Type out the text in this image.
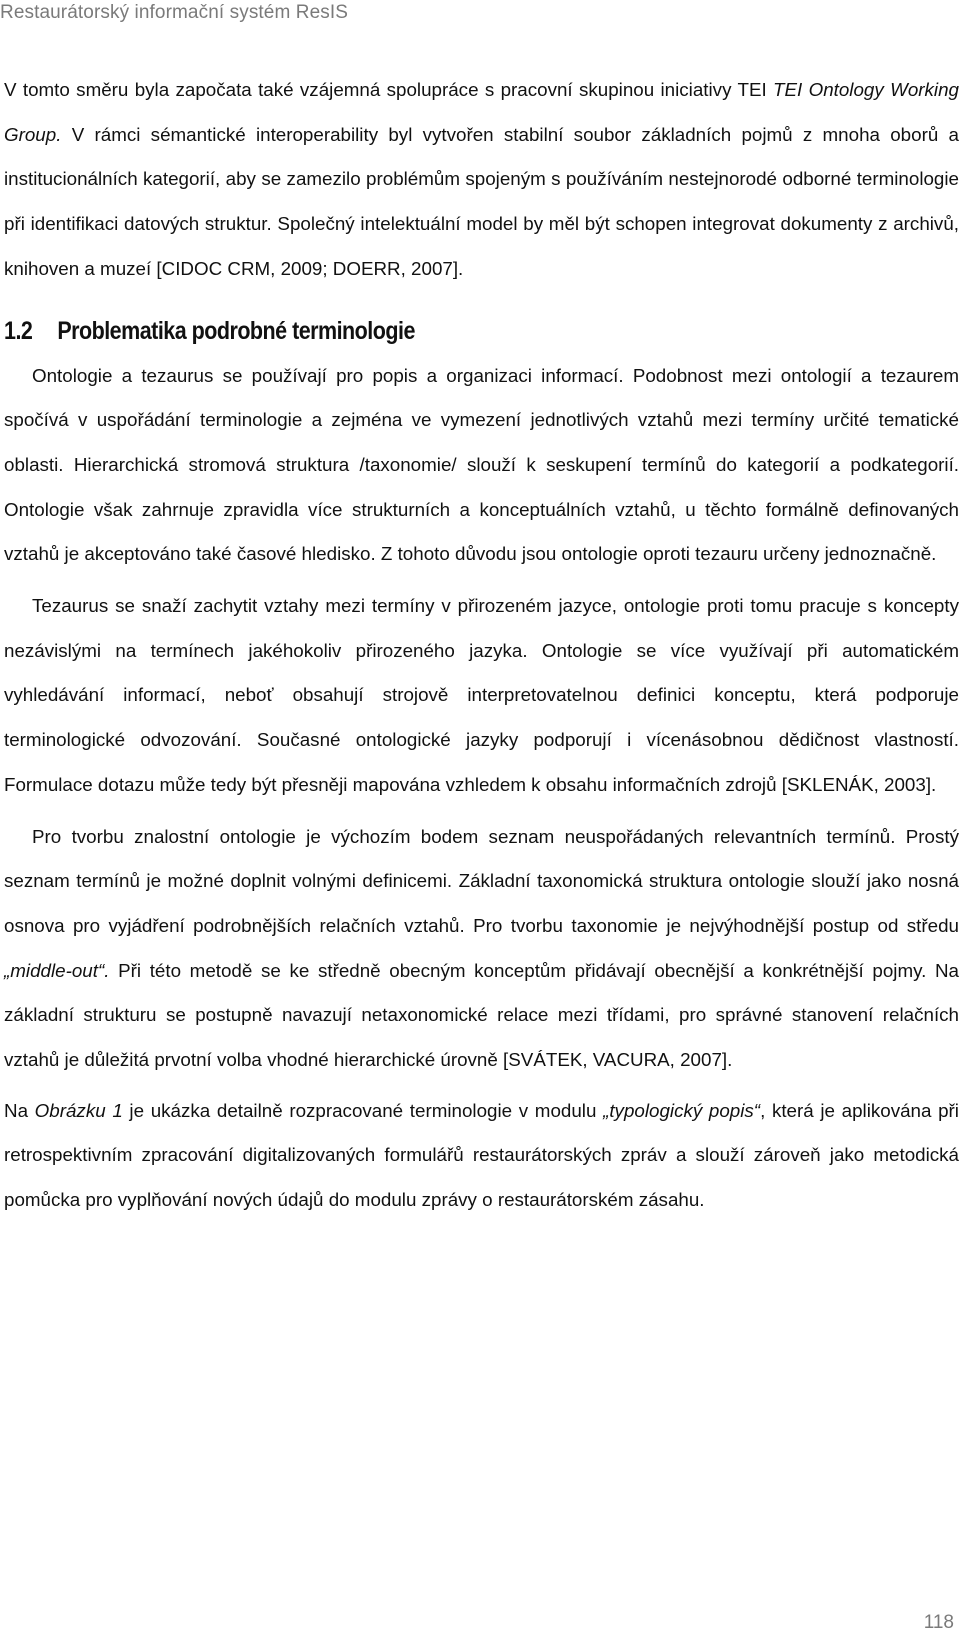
Restaurátorský informační systém ResIS

V tomto směru byla započata také vzájemná spolupráce s pracovní skupinou iniciativy TEI TEI Ontology Working Group. V rámci sémantické interoperability byl vytvořen stabilní soubor základních pojmů z mnoha oborů a institucionálních kategorií, aby se zamezilo problémům spojeným s používáním nestejnorodé odborné terminologie při identifikaci datových struktur. Společný intelektuální model by měl být schopen integrovat dokumenty z archivů, knihoven a muzeí [CIDOC CRM, 2009; DOERR, 2007].

1.2 Problematika podrobné terminologie

Ontologie a tezaurus se používají pro popis a organizaci informací. Podobnost mezi ontologií a tezaurem spočívá v uspořádání terminologie a zejména ve vymezení jednotlivých vztahů mezi termíny určité tematické oblasti. Hierarchická stromová struktura /taxonomie/ slouží k seskupení termínů do kategorií a podkategorií. Ontologie však zahrnuje zpravidla více strukturních a konceptuálních vztahů, u těchto formálně definovaných vztahů je akceptováno také časové hledisko. Z tohoto důvodu jsou ontologie oproti tezauru určeny jednoznačně.

Tezaurus se snaží zachytit vztahy mezi termíny v přirozeném jazyce, ontologie proti tomu pracuje s koncepty nezávislými na termínech jakéhokoliv přirozeného jazyka. Ontologie se více využívají při automatickém vyhledávání informací, neboť obsahují strojově interpretovatelnou definici konceptu, která podporuje terminologické odvozování. Současné ontologické jazyky podporují i vícenásobnou dědičnost vlastností. Formulace dotazu může tedy být přesněji mapována vzhledem k obsahu informačních zdrojů [SKLENÁK, 2003].

Pro tvorbu znalostní ontologie je výchozím bodem seznam neuspořádaných relevantních termínů. Prostý seznam termínů je možné doplnit volnými definicemi. Základní taxonomická struktura ontologie slouží jako nosná osnova pro vyjádření podrobnějších relačních vztahů. Pro tvorbu taxonomie je nejvýhodnější postup od středu „middle-out“. Při této metodě se ke středně obecným konceptům přidávají obecnější a konkrétnější pojmy. Na základní strukturu se postupně navazují netaxonomické relace mezi třídami, pro správné stanovení relačních vztahů je důležitá prvotní volba vhodné hierarchické úrovně [SVÁTEK, VACURA, 2007].

Na Obrázku 1 je ukázka detailně rozpracované terminologie v modulu „typologický popis“, která je aplikována při retrospektivním zpracování digitalizovaných formulářů restaurátorských zpráv a slouží zároveň jako metodická pomůcka pro vyplňování nových údajů do modulu zprávy o restaurátorském zásahu.

118
